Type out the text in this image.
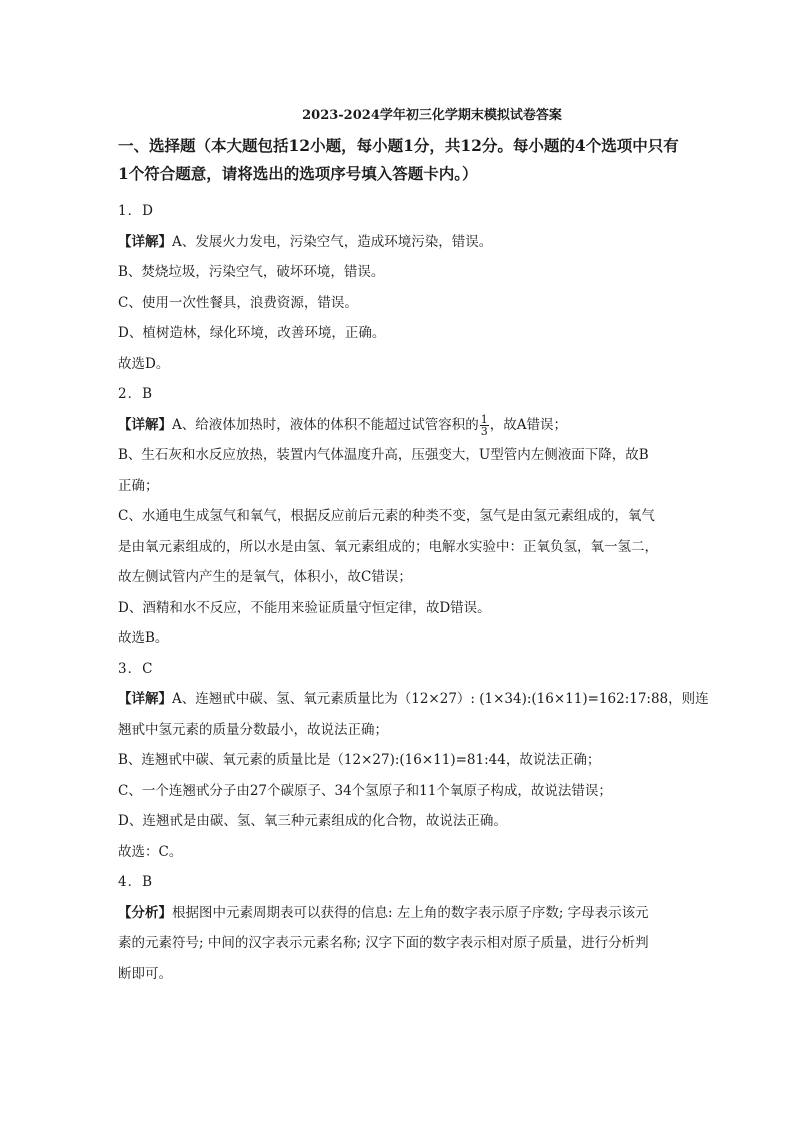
2023-2024学年初三化学期末模拟试卷答案
一、选择题（本大题包括12小题，每小题1分，共12分。每小题的4个选项中只有1个符合题意，请将选出的选项序号填入答题卡内。）
1．D
【详解】A、发展火力发电，污染空气，造成环境污染，错误。
B、焚烧垃圾，污染空气，破坏环境，错误。
C、使用一次性餐具，浪费资源，错误。
D、植树造林，绿化环境，改善环境，正确。
故选D。
2．B
【详解】A、给液体加热时，液体的体积不能超过试管容积的 $\frac{1}{3}$ ，故A错误；
B、生石灰和水反应放热，装置内气体温度升高，压强变大，U型管内左侧液面下降，故B
正确；
C、水通电生成氢气和氧气，根据反应前后元素的种类不变，氢气是由氢元素组成的，氧气
是由氧元素组成的，所以水是由氢、氧元素组成的；电解水实验中：正氧负氢，氧一氢二，
故左侧试管内产生的是氧气，体积小，故C错误；
D、酒精和水不反应，不能用来验证质量守恒定律，故D错误。
故选B。
3．C
【详解】A、连翘甙中碳、氢、氧元素质量比为（12×27）: (1×34):(16×11)=162:17:88，则连
翘甙中氢元素的质量分数最小，故说法正确；
B、连翘甙中碳、氧元素的质量比是（12×27):(16×11)=81:44，故说法正确；
C、一个连翘甙分子由27个碳原子、34个氢原子和11个氧原子构成，故说法错误；
D、连翘甙是由碳、氢、氧三种元素组成的化合物，故说法正确。
故选：C。
4．B
【分析】根据图中元素周期表可以获得的信息: 左上角的数字表示原子序数; 字母表示该元
素的元素符号; 中间的汉字表示元素名称; 汉字下面的数字表示相对原子质量，进行分析判
断即可。
